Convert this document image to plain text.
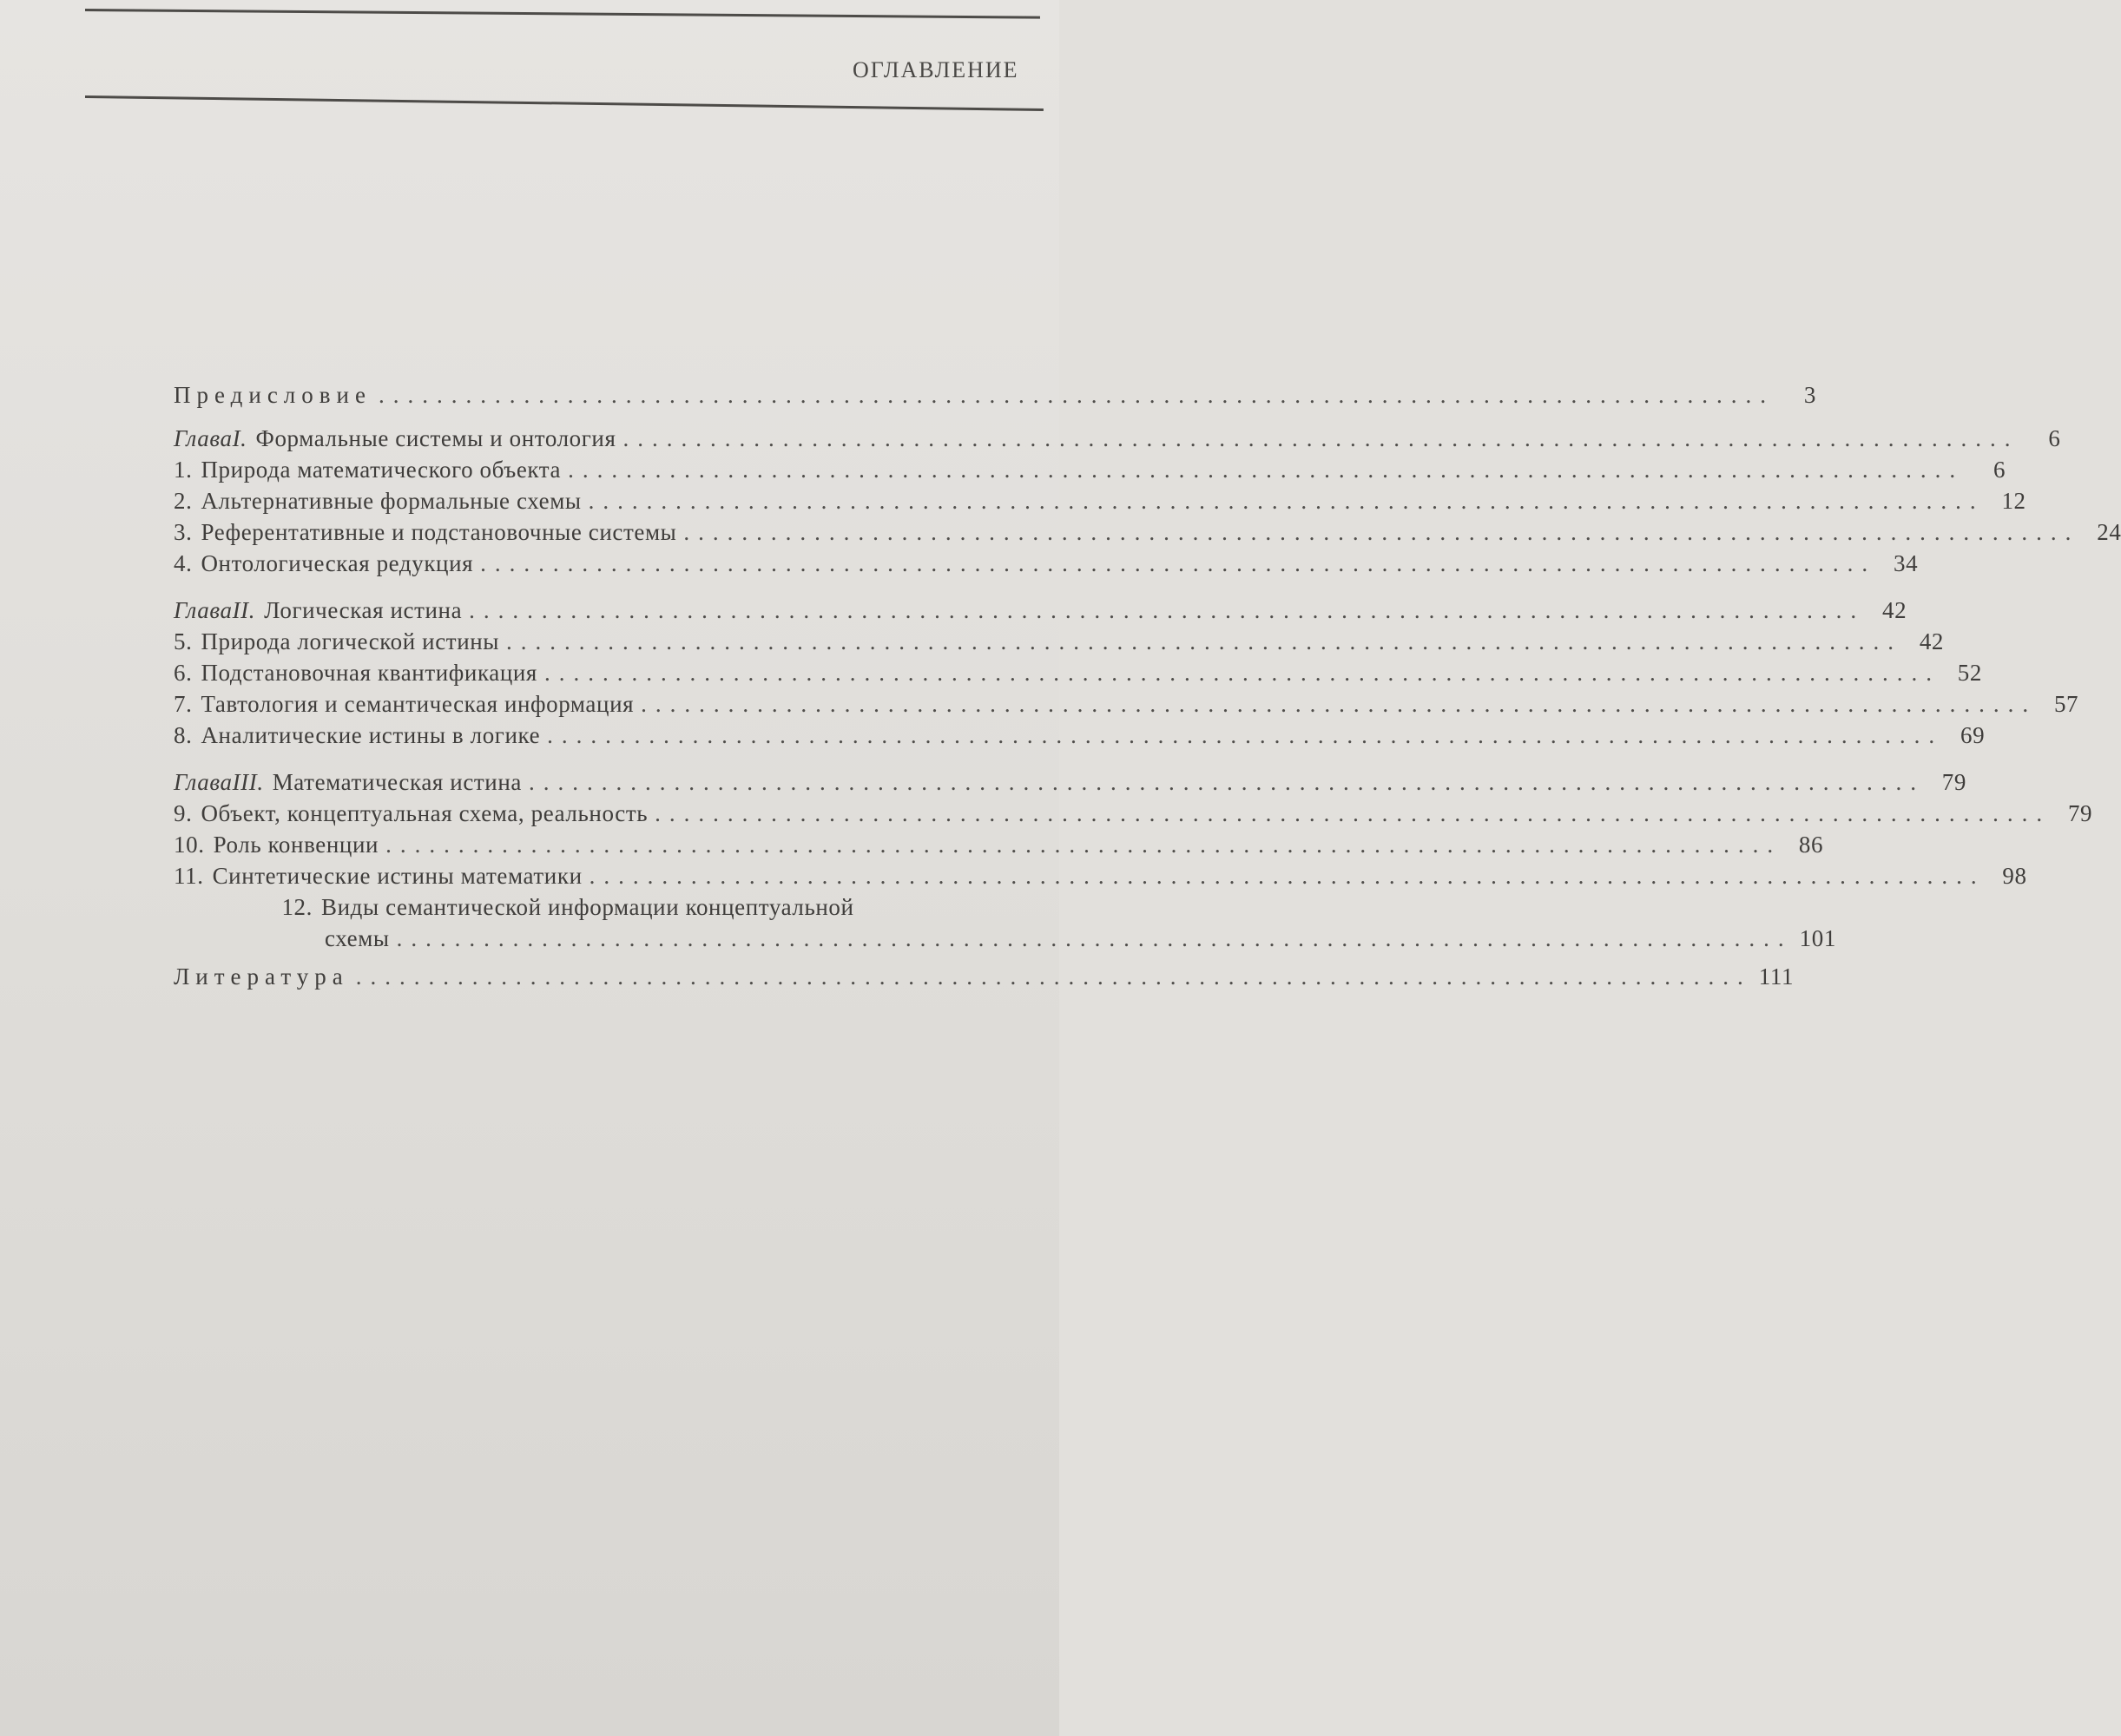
ОГЛАВЛЕНИЕ
Предисловие ................................................................................................	3
Глава I. Формальные системы и онтология ................................................................................................	6
1. Природа математического объекта ................................................................................................	6
2. Альтернативные формальные схемы ................................................................................................ 12
3. Референтативные и подстановочные системы ................................................................................................ 24
4. Онтологическая редукция ................................................................................................ 34
Глава II. Логическая истина ................................................................................................ 42
5. Природа логической истины ................................................................................................ 42
6. Подстановочная квантификация ................................................................................................ 52
7. Тавтология и семантическая информация ................................................................................................ 57
8. Аналитические истины в логике ................................................................................................ 69
Глава III. Математическая истина ................................................................................................ 79
9. Объект, концептуальная схема, реальность ................................................................................................ 79
10. Роль конвенции ................................................................................................ 86
11. Синтетические истины математики ................................................................................................ 98
12. Виды семантической информации концептуальной
схемы ................................................................................................ 101
Литература ................................................................................................ 111
